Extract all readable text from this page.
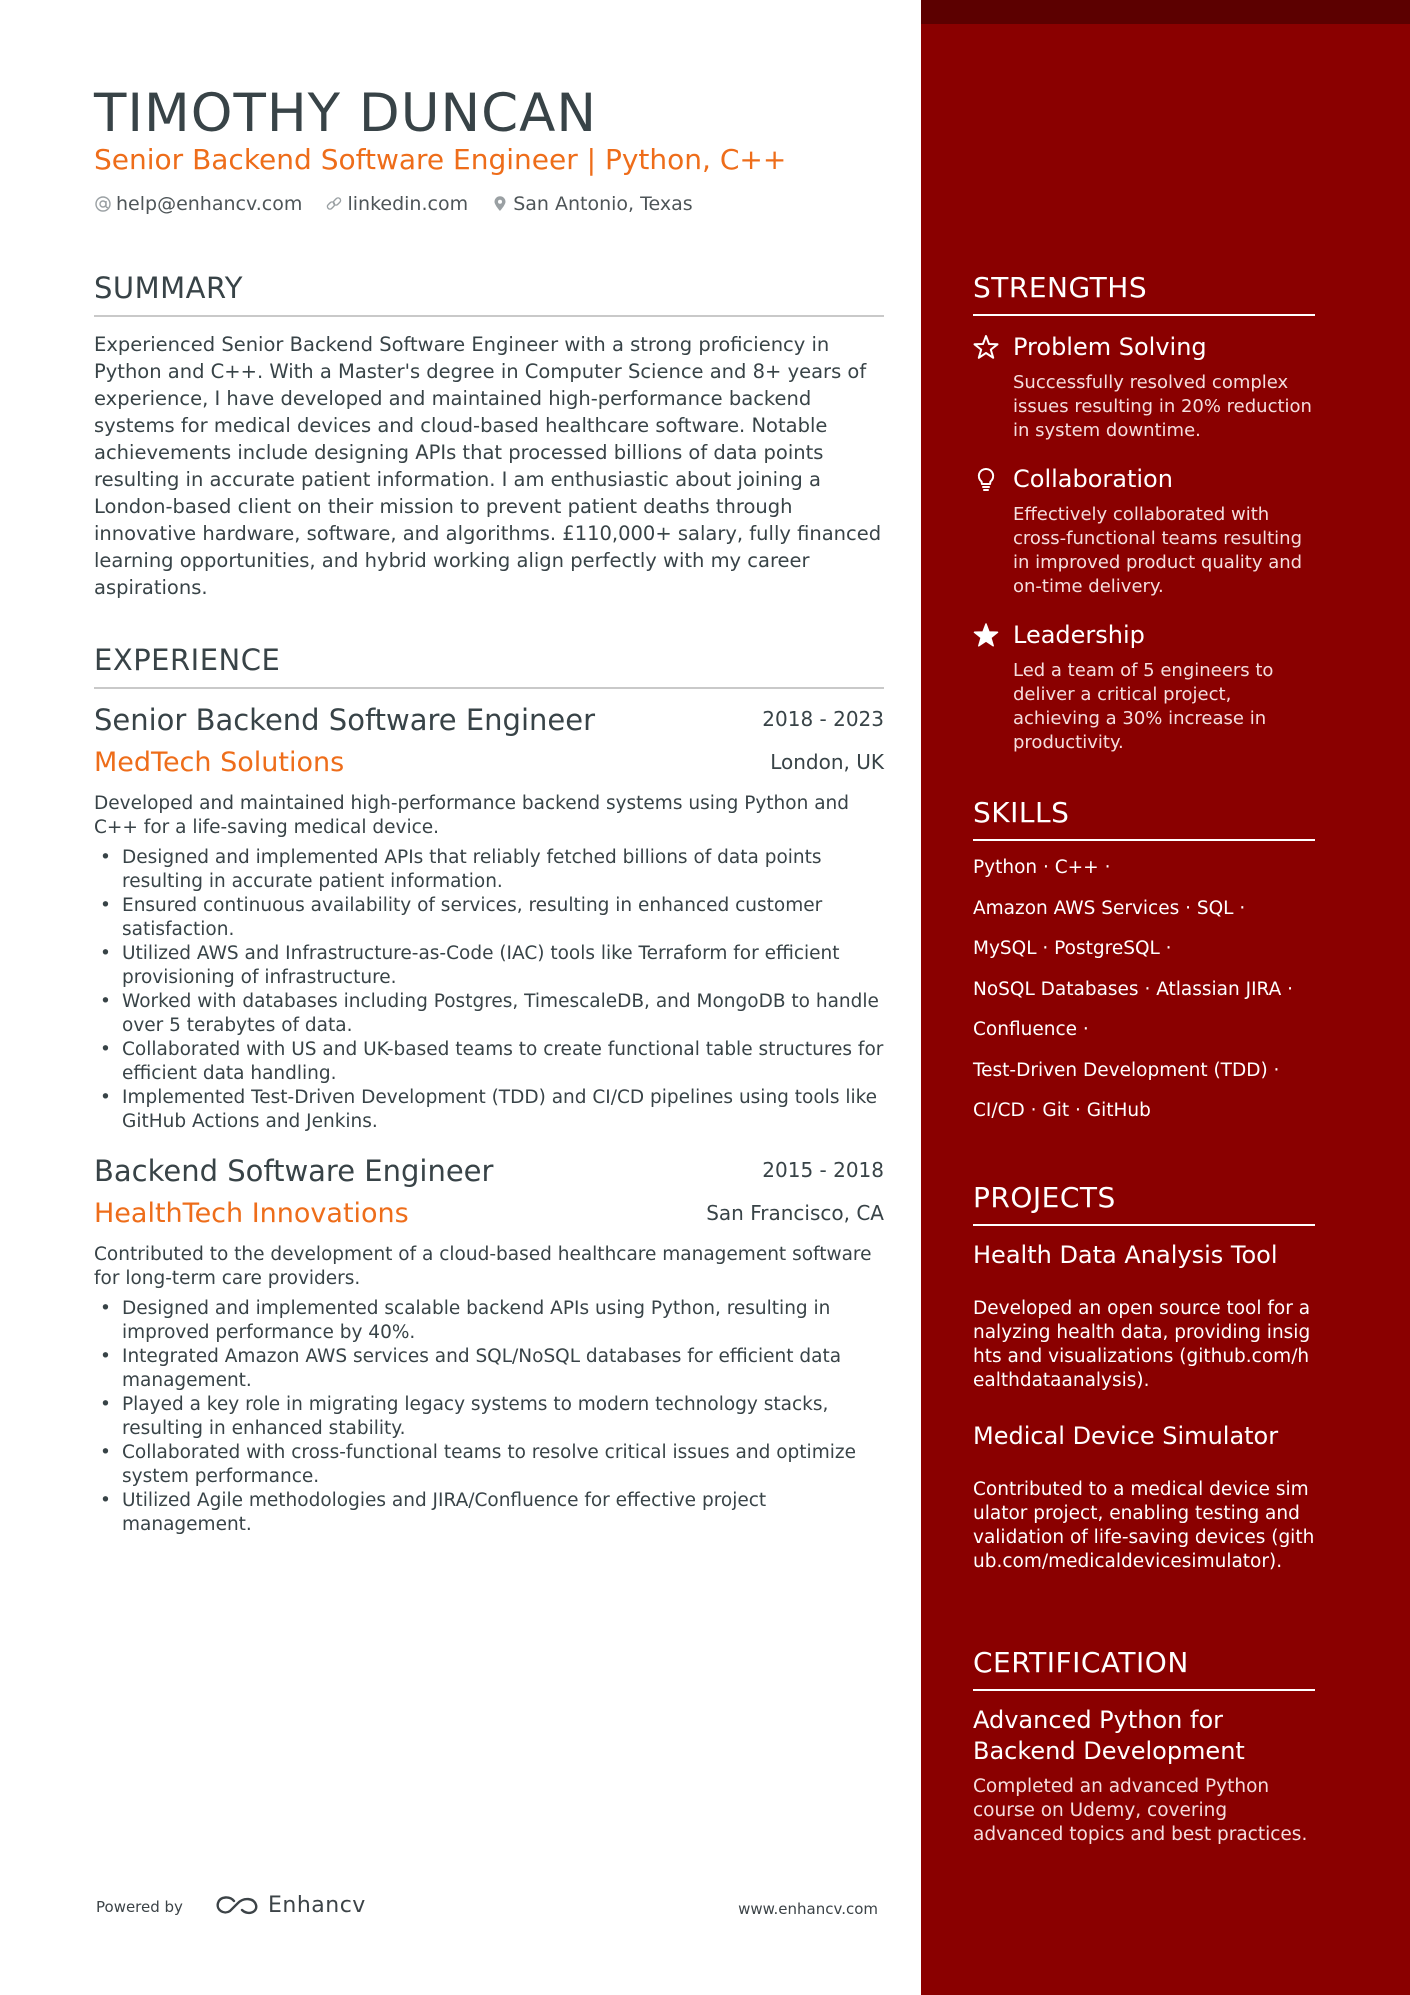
TIMOTHY DUNCAN
Senior Backend Software Engineer | Python, C++
help@enhancv.com linkedin.com San Antonio, Texas
SUMMARY
Experienced Senior Backend Software Engineer with a strong proficiency in Python and C++. With a Master's degree in Computer Science and 8+ years of experience, I have developed and maintained high-performance backend systems for medical devices and cloud-based healthcare software. Notable achievements include designing APIs that processed billions of data points resulting in accurate patient information. I am enthusiastic about joining a London-based client on their mission to prevent patient deaths through innovative hardware, software, and algorithms. £110,000+ salary, fully financed learning opportunities, and hybrid working align perfectly with my career aspirations.
EXPERIENCE
Senior Backend Software Engineer	2018 - 2023
MedTech Solutions	London, UK
Developed and maintained high-performance backend systems using Python and C++ for a life-saving medical device.
• Designed and implemented APIs that reliably fetched billions of data points resulting in accurate patient information.
• Ensured continuous availability of services, resulting in enhanced customer satisfaction.
• Utilized AWS and Infrastructure-as-Code (IAC) tools like Terraform for efficient provisioning of infrastructure.
• Worked with databases including Postgres, TimescaleDB, and MongoDB to handle over 5 terabytes of data.
• Collaborated with US and UK-based teams to create functional table structures for efficient data handling.
• Implemented Test-Driven Development (TDD) and CI/CD pipelines using tools like GitHub Actions and Jenkins.
Backend Software Engineer	2015 - 2018
HealthTech Innovations	San Francisco, CA
Contributed to the development of a cloud-based healthcare management software for long-term care providers.
• Designed and implemented scalable backend APIs using Python, resulting in improved performance by 40%.
• Integrated Amazon AWS services and SQL/NoSQL databases for efficient data management.
• Played a key role in migrating legacy systems to modern technology stacks, resulting in enhanced stability.
• Collaborated with cross-functional teams to resolve critical issues and optimize system performance.
• Utilized Agile methodologies and JIRA/Confluence for effective project management.
Powered by	Enhancv	www.enhancv.com
STRENGTHS
Problem Solving
Successfully resolved complex issues resulting in 20% reduction in system downtime.
Collaboration
Effectively collaborated with cross-functional teams resulting in improved product quality and on-time delivery.
Leadership
Led a team of 5 engineers to deliver a critical project, achieving a 30% increase in productivity.
SKILLS
Python · C++ ·
Amazon AWS Services · SQL ·
MySQL · PostgreSQL ·
NoSQL Databases · Atlassian JIRA ·
Confluence ·
Test-Driven Development (TDD) ·
CI/CD · Git · GitHub
PROJECTS
Health Data Analysis Tool
Developed an open source tool for analyzing health data, providing insights and visualizations (github.com/healthdataanalysis).
Medical Device Simulator
Contributed to a medical device simulator project, enabling testing and validation of life-saving devices (github.com/medicaldevicesimulator).
CERTIFICATION
Advanced Python for Backend Development
Completed an advanced Python course on Udemy, covering advanced topics and best practices.
